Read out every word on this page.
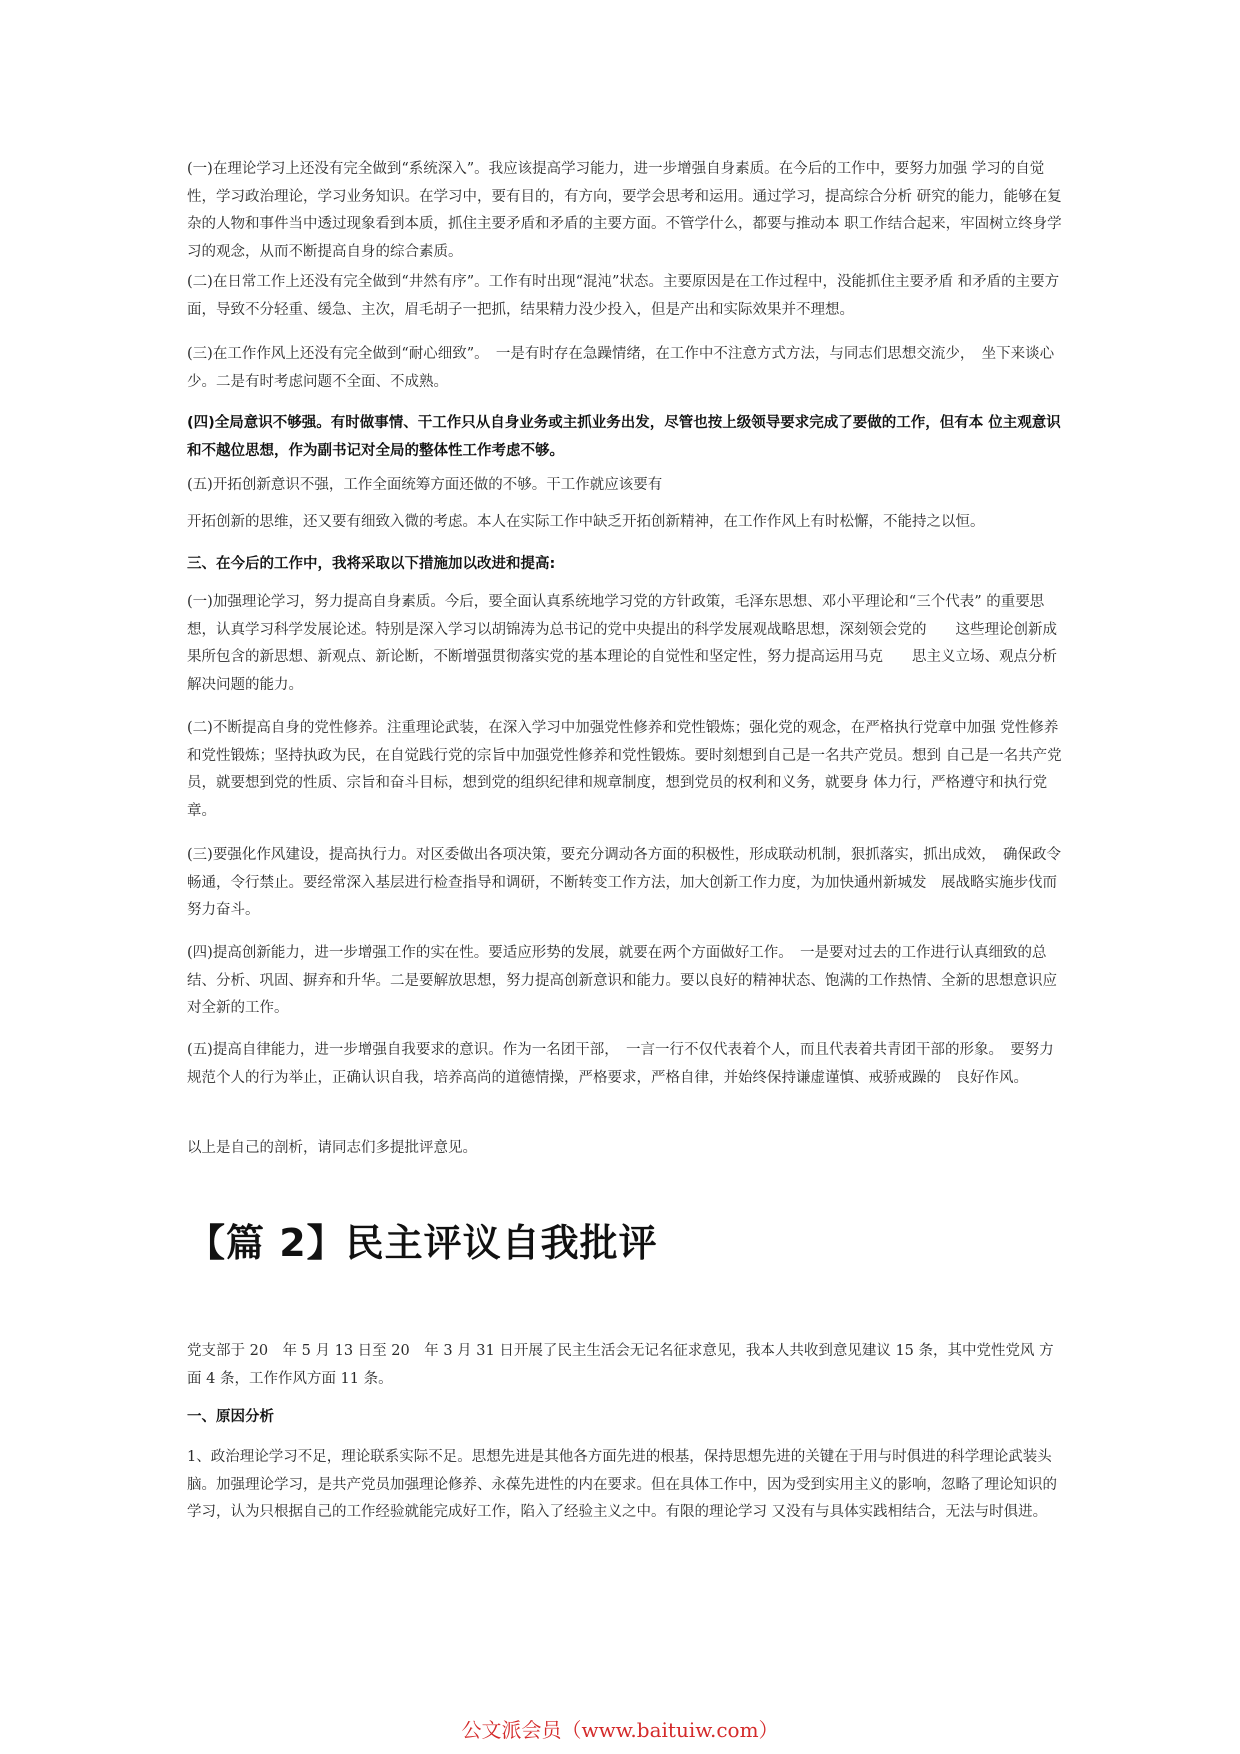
(一)在理论学习上还没有完全做到“系统深入”。我应该提高学习能力，进一步增强自身素质。在今后的工作中，要努力加强 学习的自觉性，学习政治理论，学习业务知识。在学习中，要有目的，有方向，要学会思考和运用。通过学习，提高综合分析 研究的能力，能够在复杂的人物和事件当中透过现象看到本质，抓住主要矛盾和矛盾的主要方面。不管学什么，都要与推动本 职工作结合起来，牢固树立终身学习的观念，从而不断提高自身的综合素质。

(二)在日常工作上还没有完全做到“井然有序”。工作有时出现“混沌”状态。主要原因是在工作过程中，没能抓住主要矛盾 和矛盾的主要方面，导致不分轻重、缓急、主次，眉毛胡子一把抓，结果精力没少投入，但是产出和实际效果并不理想。

(三)在工作作风上还没有完全做到“耐心细致”。　一是有时存在急躁情绪，在工作中不注意方式方法，与同志们思想交流少，　坐下来谈心少。二是有时考虑问题不全面、不成熟。

(四)全局意识不够强。有时做事情、干工作只从自身业务或主抓业务出发，尽管也按上级领导要求完成了要做的工作，但有本 位主观意识和不越位思想，作为副书记对全局的整体性工作考虑不够。

(五)开拓创新意识不强，工作全面统筹方面还做的不够。干工作就应该要有

开拓创新的思维，还又要有细致入微的考虑。本人在实际工作中缺乏开拓创新精神，在工作作风上有时松懈，不能持之以恒。

三、在今后的工作中，我将采取以下措施加以改进和提高:

(一)加强理论学习，努力提高自身素质。今后，要全面认真系统地学习党的方针政策，毛泽东思想、邓小平理论和“三个代表” 的重要思想，认真学习科学发展论述。特别是深入学习以胡锦涛为总书记的党中央提出的科学发展观战略思想，深刻领会党的　　这些理论创新成果所包含的新思想、新观点、新论断，不断增强贯彻落实党的基本理论的自觉性和坚定性，努力提高运用马克　　思主义立场、观点分析解决问题的能力。

(二)不断提高自身的党性修养。注重理论武装，在深入学习中加强党性修养和党性锻炼；强化党的观念，在严格执行党章中加强 党性修养和党性锻炼；坚持执政为民，在自觉践行党的宗旨中加强党性修养和党性锻炼。要时刻想到自己是一名共产党员。想到 自己是一名共产党员，就要想到党的性质、宗旨和奋斗目标，想到党的组织纪律和规章制度，想到党员的权利和义务，就要身 体力行，严格遵守和执行党章。

(三)要强化作风建设，提高执行力。对区委做出各项决策，要充分调动各方面的积极性，形成联动机制，狠抓落实，抓出成效，　确保政令畅通，令行禁止。要经常深入基层进行检查指导和调研，不断转变工作方法，加大创新工作力度，为加快通州新城发　展战略实施步伐而努力奋斗。

(四)提高创新能力，进一步增强工作的实在性。要适应形势的发展，就要在两个方面做好工作。　一是要对过去的工作进行认真细致的总结、分析、巩固、摒弃和升华。二是要解放思想，努力提高创新意识和能力。要以良好的精神状态、饱满的工作热情、全新的思想意识应对全新的工作。

(五)提高自律能力，进一步增强自我要求的意识。作为一名团干部，　一言一行不仅代表着个人，而且代表着共青团干部的形象。　要努力规范个人的行为举止，正确认识自我，培养高尚的道德情操，严格要求，严格自律，并始终保持谦虚谨慎、戒骄戒躁的　良好作风。

以上是自己的剖析，请同志们多提批评意见。

【篇 2】民主评议自我批评

党支部于 20　年 5 月 13 日至 20　年 3 月 31 日开展了民主生活会无记名征求意见，我本人共收到意见建议 15 条，其中党性党风 方面 4 条，工作作风方面 11 条。

一、原因分析

1、政治理论学习不足，理论联系实际不足。思想先进是其他各方面先进的根基，保持思想先进的关键在于用与时俱进的科学理论武装头脑。加强理论学习，是共产党员加强理论修养、永葆先进性的内在要求。但在具体工作中，因为受到实用主义的影响，忽略了理论知识的学习，认为只根据自己的工作经验就能完成好工作，陷入了经验主义之中。有限的理论学习 又没有与具体实践相结合，无法与时俱进。

公文派会员（www.baituiw.com）
